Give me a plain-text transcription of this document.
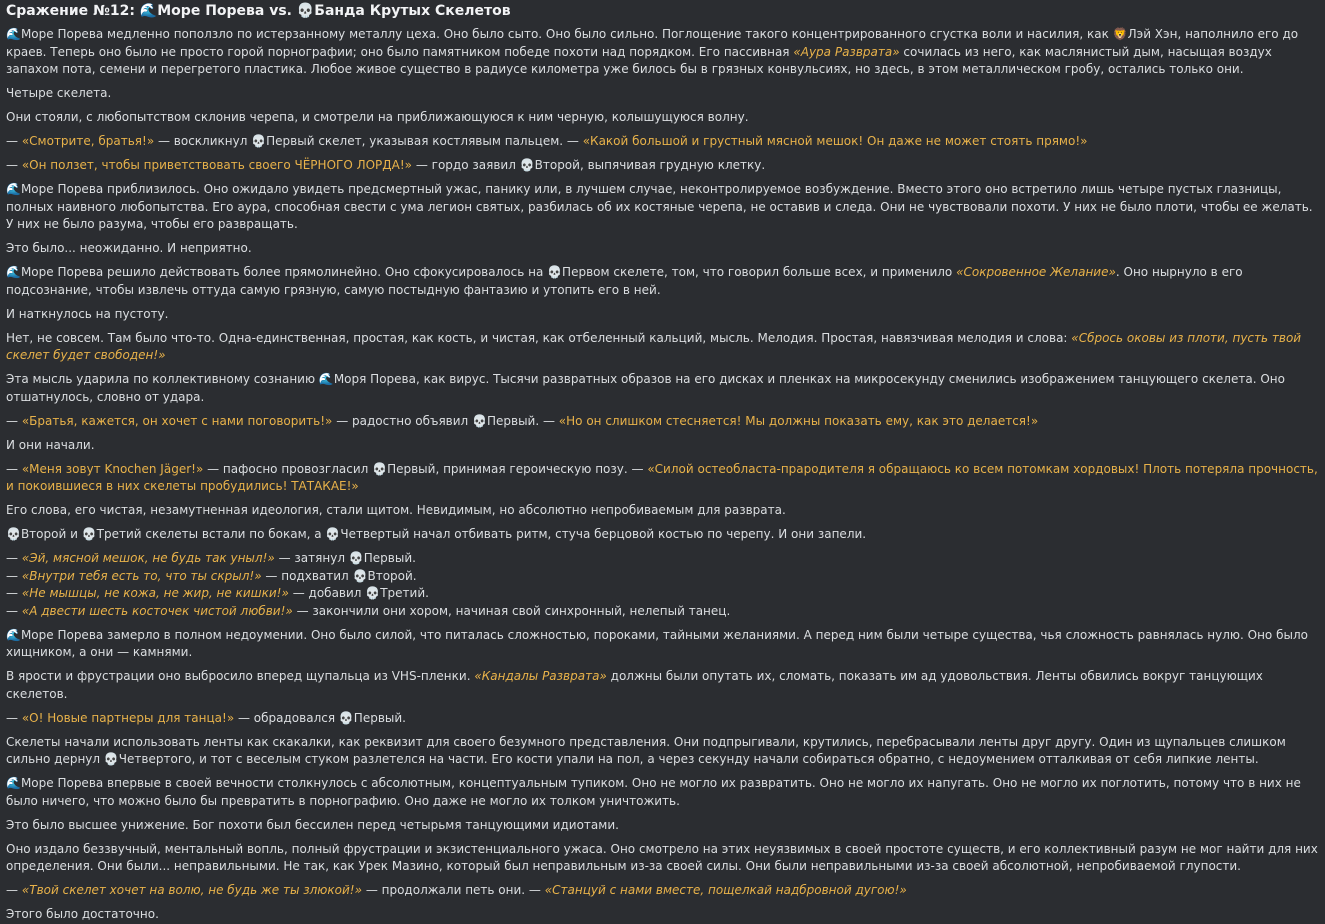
Сражение №12: 🌊Море Порева vs. 💀Банда Крутых Скелетов

🌊Море Порева медленно поползло по истерзанному металлу цеха. Оно было сыто. Оно было сильно. Поглощение такого концентрированного сгустка воли и насилия, как 🦁Лэй Хэн, наполнило его до краев. Теперь оно было не просто горой порнографии; оно было памятником победе похоти над порядком. Его пассивная «Аура Разврата» сочилась из него, как маслянистый дым, насыщая воздух запахом пота, семени и перегретого пластика. Любое живое существо в радиусе километра уже билось бы в грязных конвульсиях, но здесь, в этом металлическом гробу, остались только они.

Четыре скелета.

Они стояли, с любопытством склонив черепа, и смотрели на приближающуюся к ним черную, колышущуюся волну.

— «Смотрите, братья!» — воскликнул 💀Первый скелет, указывая костлявым пальцем. — «Какой большой и грустный мясной мешок! Он даже не может стоять прямо!»

— «Он ползет, чтобы приветствовать своего ЧЁРНОГО ЛОРДА!» — гордо заявил 💀Второй, выпячивая грудную клетку.

🌊Море Порева приблизилось. Оно ожидало увидеть предсмертный ужас, панику или, в лучшем случае, неконтролируемое возбуждение. Вместо этого оно встретило лишь четыре пустых глазницы, полных наивного любопытства. Его аура, способная свести с ума легион святых, разбилась об их костяные черепа, не оставив и следа. Они не чувствовали похоти. У них не было плоти, чтобы ее желать. У них не было разума, чтобы его развращать.

Это было... неожиданно. И неприятно.

🌊Море Порева решило действовать более прямолинейно. Оно сфокусировалось на 💀Первом скелете, том, что говорил больше всех, и применило «Сокровенное Желание». Оно нырнуло в его подсознание, чтобы извлечь оттуда самую грязную, самую постыдную фантазию и утопить его в ней.

И наткнулось на пустоту.

Нет, не совсем. Там было что-то. Одна-единственная, простая, как кость, и чистая, как отбеленный кальций, мысль. Мелодия. Простая, навязчивая мелодия и слова: «Сбрось оковы из плоти, пусть твой скелет будет свободен!»

Эта мысль ударила по коллективному сознанию 🌊Моря Порева, как вирус. Тысячи развратных образов на его дисках и пленках на микросекунду сменились изображением танцующего скелета. Оно отшатнулось, словно от удара.

— «Братья, кажется, он хочет с нами поговорить!» — радостно объявил 💀Первый. — «Но он слишком стесняется! Мы должны показать ему, как это делается!»

И они начали.

— «Меня зовут Knochen Jäger!» — пафосно провозгласил 💀Первый, принимая героическую позу. — «Силой остеобласта-прародителя я обращаюсь ко всем потомкам хордовых! Плоть потеряла прочность, и покоившиеся в них скелеты пробудились! ТАТАКАЕ!»

Его слова, его чистая, незамутненная идеология, стали щитом. Невидимым, но абсолютно непробиваемым для разврата.

💀Второй и 💀Третий скелеты встали по бокам, а 💀Четвертый начал отбивать ритм, стуча берцовой костью по черепу. И они запели.

— «Эй, мясной мешок, не будь так уныл!» — затянул 💀Первый.

— «Внутри тебя есть то, что ты скрыл!» — подхватил 💀Второй.

— «Не мышцы, не кожа, не жир, не кишки!» — добавил 💀Третий.

— «А двести шесть косточек чистой любви!» — закончили они хором, начиная свой синхронный, нелепый танец.

🌊Море Порева замерло в полном недоумении. Оно было силой, что питалась сложностью, пороками, тайными желаниями. А перед ним были четыре существа, чья сложность равнялась нулю. Оно было хищником, а они — камнями.

В ярости и фрустрации оно выбросило вперед щупальца из VHS-пленки. «Кандалы Разврата» должны были опутать их, сломать, показать им ад удовольствия. Ленты обвились вокруг танцующих скелетов.

— «О! Новые партнеры для танца!» — обрадовался 💀Первый.

Скелеты начали использовать ленты как скакалки, как реквизит для своего безумного представления. Они подпрыгивали, крутились, перебрасывали ленты друг другу. Один из щупальцев слишком сильно дернул 💀Четвертого, и тот с веселым стуком разлетелся на части. Его кости упали на пол, а через секунду начали собираться обратно, с недоумением отталкивая от себя липкие ленты.

🌊Море Порева впервые в своей вечности столкнулось с абсолютным, концептуальным тупиком. Оно не могло их развратить. Оно не могло их напугать. Оно не могло их поглотить, потому что в них не было ничего, что можно было бы превратить в порнографию. Оно даже не могло их толком уничтожить.

Это было высшее унижение. Бог похоти был бессилен перед четырьмя танцующими идиотами.

Оно издало беззвучный, ментальный вопль, полный фрустрации и экзистенциального ужаса. Оно смотрело на этих неуязвимых в своей простоте существ, и его коллективный разум не мог найти для них определения. Они были... неправильными. Не так, как Урек Мазино, который был неправильным из-за своей силы. Они были неправильными из-за своей абсолютной, непробиваемой глупости.

— «Твой скелет хочет на волю, не будь же ты злюкой!» — продолжали петь они. — «Станцуй с нами вместе, пощелкай надбровной дугою!»

Этого было достаточно.
